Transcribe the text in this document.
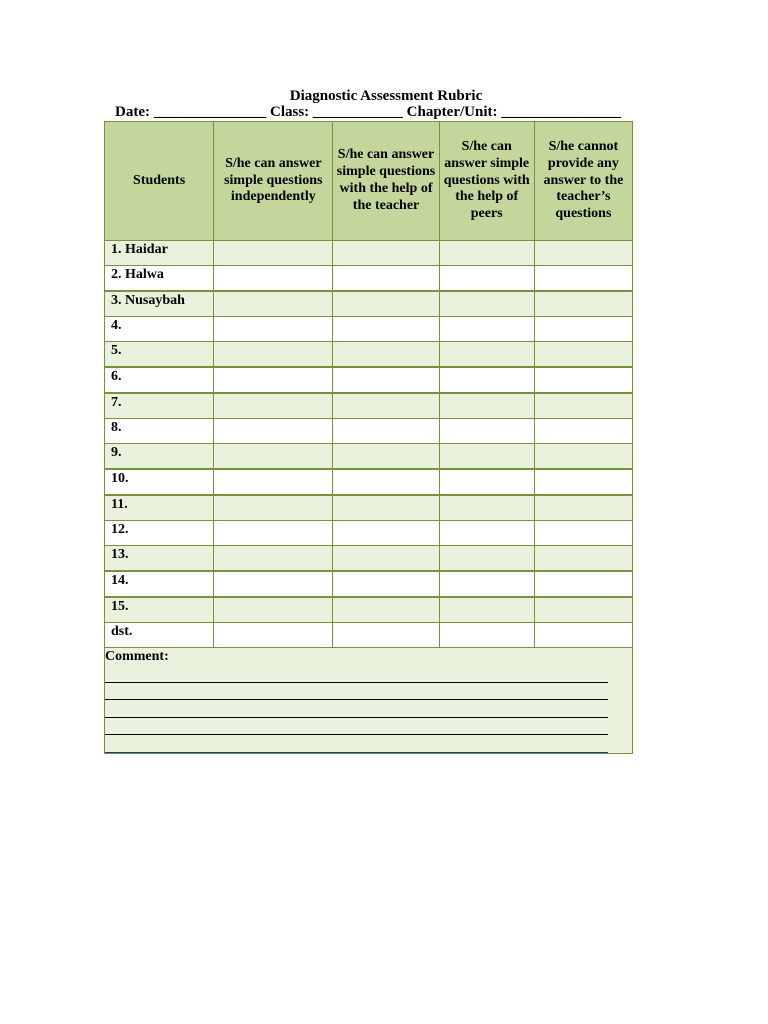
Diagnostic Assessment Rubric
Date: _______________ Class: ____________ Chapter/Unit: ________________
Students	S/he can answer simple questions independently	S/he can answer simple questions with the help of the teacher	S/he can answer simple questions with the help of peers	S/he cannot provide any answer to the teacher’s questions
1. Haidar				
2. Halwa				
3. Nusaybah				
4.				
5.				
6.				
7.				
8.				
9.				
10.				
11.				
12.				
13.				
14.				
15.				
dst.				

Comment:				
